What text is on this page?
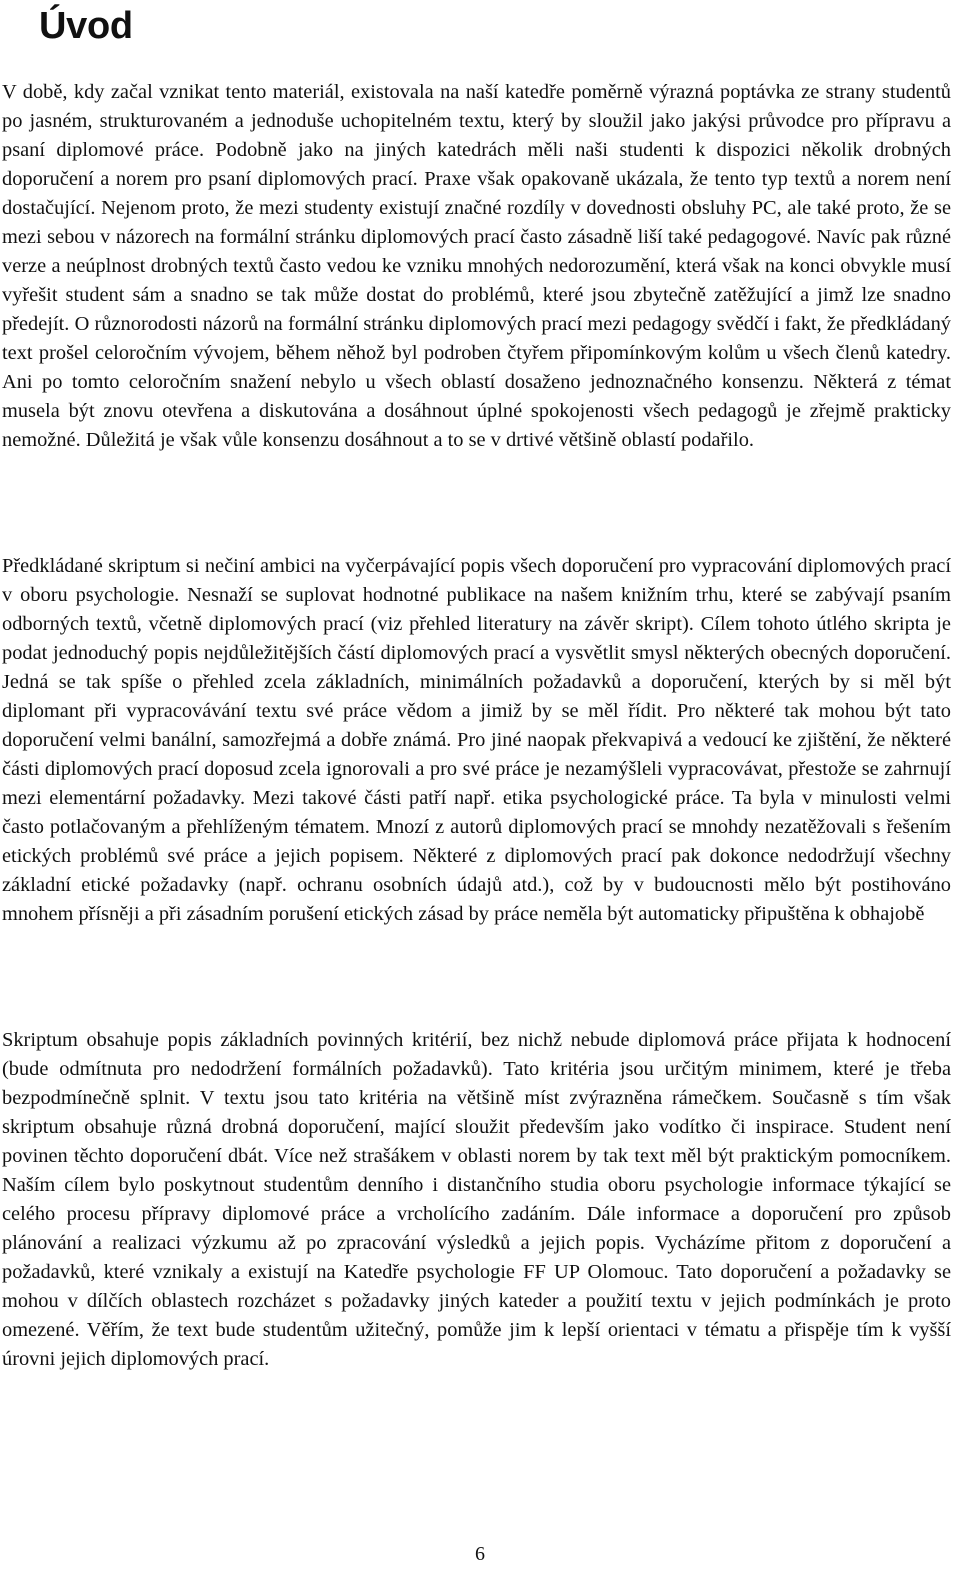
Úvod

V době, kdy začal vznikat tento materiál, existovala na naší katedře poměrně výrazná poptávka ze strany studentů po jasném, strukturovaném a jednoduše uchopitelném textu, který by sloužil jako jakýsi průvodce pro přípravu a psaní diplomové práce. Podobně jako na jiných katedrách měli naši studenti k dispozici několik drobných doporučení a norem pro psaní diplomových prací. Praxe však opakovaně ukázala, že tento typ textů a norem není dostačující. Nejenom proto, že mezi studenty existují značné rozdíly v dovednosti obsluhy PC, ale také proto, že se mezi sebou v názorech na formální stránku diplomových prací často zásadně liší také pedagogové. Navíc pak různé verze a neúplnost drobných textů často vedou ke vzniku mnohých nedorozumění, která však na konci obvykle musí vyřešit student sám a snadno se tak může dostat do problémů, které jsou zbytečně zatěžující a jimž lze snadno předejít. O různorodosti názorů na formální stránku diplomových prací mezi pedagogy svědčí i fakt, že předkládaný text prošel celoročním vývojem, během něhož byl podroben čtyřem připomínkovým kolům u všech členů katedry. Ani po tomto celoročním snažení nebylo u všech oblastí dosaženo jednoznačného konsenzu. Některá z témat musela být znovu otevřena a diskutována a dosáhnout úplné spokojenosti všech pedagogů je zřejmě prakticky nemožné. Důležitá je však vůle konsenzu dosáhnout a to se v drtivé většině oblastí podařilo.

Předkládané skriptum si nečiní ambici na vyčerpávající popis všech doporučení pro vypracování diplomových prací v oboru psychologie. Nesnaží se suplovat hodnotné publikace na našem knižním trhu, které se zabývají psaním odborných textů, včetně diplomových prací (viz přehled literatury na závěr skript). Cílem tohoto útlého skripta je podat jednoduchý popis nejdůležitějších částí diplomových prací a vysvětlit smysl některých obecných doporučení. Jedná se tak spíše o přehled zcela základních, minimálních požadavků a doporučení, kterých by si měl být diplomant při vypracovávání textu své práce vědom a jimiž by se měl řídit. Pro některé tak mohou být tato doporučení velmi banální, samozřejmá a dobře známá. Pro jiné naopak překvapivá a vedoucí ke zjištění, že některé části diplomových prací doposud zcela ignorovali a pro své práce je nezamýšleli vypracovávat, přestože se zahrnují mezi elementární požadavky. Mezi takové části patří např. etika psychologické práce. Ta byla v minulosti velmi často potlačovaným a přehlíženým tématem. Mnozí z autorů diplomových prací se mnohdy nezatěžovali s řešením etických problémů své práce a jejich popisem. Některé z diplomových prací pak dokonce nedodržují všechny základní etické požadavky (např. ochranu osobních údajů atd.), což by v budoucnosti mělo být postihováno mnohem přísněji a při zásadním porušení etických zásad by práce neměla být automaticky připuštěna k obhajobě

Skriptum obsahuje popis základních povinných kritérií, bez nichž nebude diplomová práce přijata k hodnocení (bude odmítnuta pro nedodržení formálních požadavků). Tato kritéria jsou určitým minimem, které je třeba bezpodmínečně splnit. V textu jsou tato kritéria na většině míst zvýrazněna rámečkem. Současně s tím však skriptum obsahuje různá drobná doporučení, mající sloužit především jako vodítko či inspirace. Student není povinen těchto doporučení dbát. Více než strašákem v oblasti norem by tak text měl být praktickým pomocníkem. Naším cílem bylo poskytnout studentům denního i distančního studia oboru psychologie informace týkající se celého procesu přípravy diplomové práce a vrcholícího zadáním. Dále informace a doporučení pro způsob plánování a realizaci výzkumu až po zpracování výsledků a jejich popis. Vycházíme přitom z doporučení a požadavků, které vznikaly a existují na Katedře psychologie FF UP Olomouc. Tato doporučení a požadavky se mohou v dílčích oblastech rozcházet s požadavky jiných kateder a použití textu v jejich podmínkách je proto omezené. Věřím, že text bude studentům užitečný, pomůže jim k lepší orientaci v tématu a přispěje tím k vyšší úrovni jejich diplomových prací.

6
